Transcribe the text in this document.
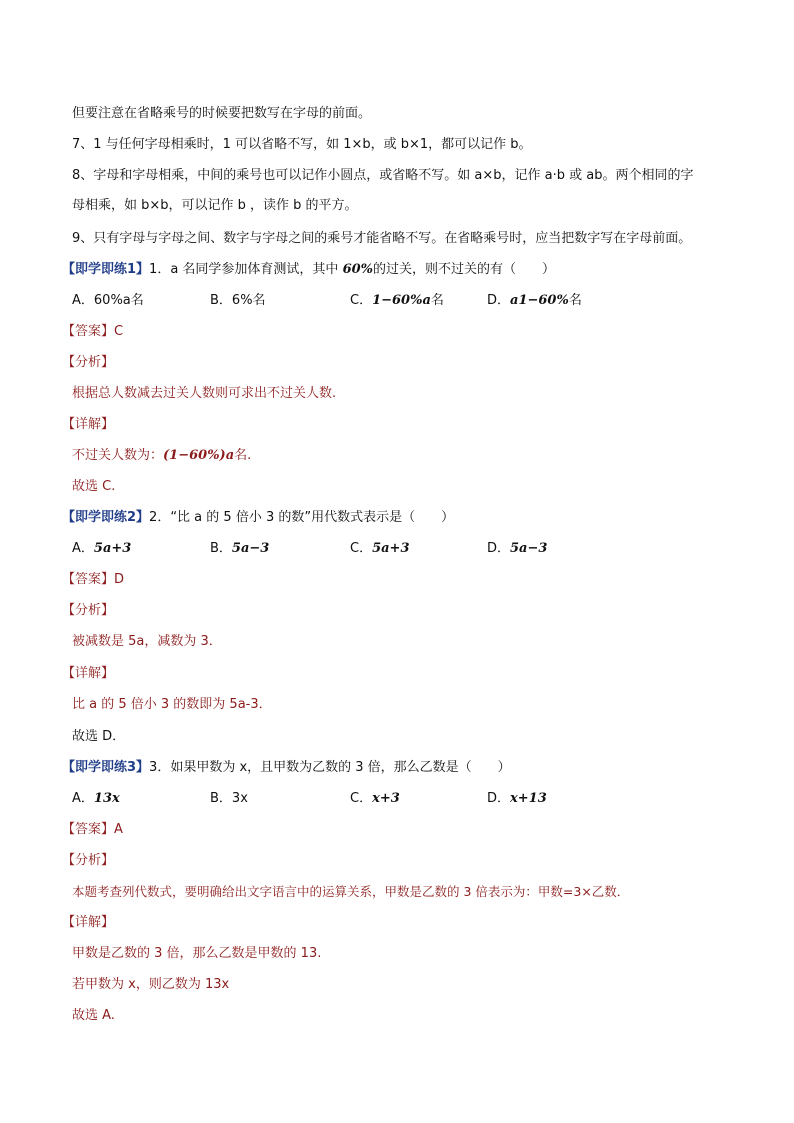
但要注意在省略乘号的时候要把数写在字母的前面。
7、1 与任何字母相乘时，1 可以省略不写，如 1×b，或 b×1，都可以记作 b。
8、字母和字母相乘，中间的乘号也可以记作小圆点，或省略不写。如 a×b，记作 a·b 或 ab。两个相同的字
母相乘，如 b×b，可以记作 b ，读作 b 的平方。
9、只有字母与字母之间、数字与字母之间的乘号才能省略不写。在省略乘号时，应当把数字写在字母前面。
【即学即练1】1．a 名同学参加体育测试，其中 60%的过关，则不过关的有（　　）
A．60%a名	B．6%名	C．1−60%a名	D．a1−60%名
【答案】C
【分析】
根据总人数减去过关人数则可求出不过关人数.
【详解】
不过关人数为：(1−60%)a名.
故选 C.
【即学即练2】2．“比 a 的 5 倍小 3 的数”用代数式表示是（　　）
A．5a+3	B．5a−3	C．5a+3	D．5a−3
【答案】D
【分析】
被减数是 5a，减数为 3．
【详解】
比 a 的 5 倍小 3 的数即为 5a-3．
故选 D．
【即学即练3】3．如果甲数为 x，且甲数为乙数的 3 倍，那么乙数是（　　）
A．13x	B．3x	C．x+3	D．x+13
【答案】A
【分析】
本题考查列代数式，要明确给出文字语言中的运算关系，甲数是乙数的 3 倍表示为：甲数=3×乙数．
【详解】
甲数是乙数的 3 倍，那么乙数是甲数的 13.
若甲数为 x，则乙数为 13x
故选 A.
